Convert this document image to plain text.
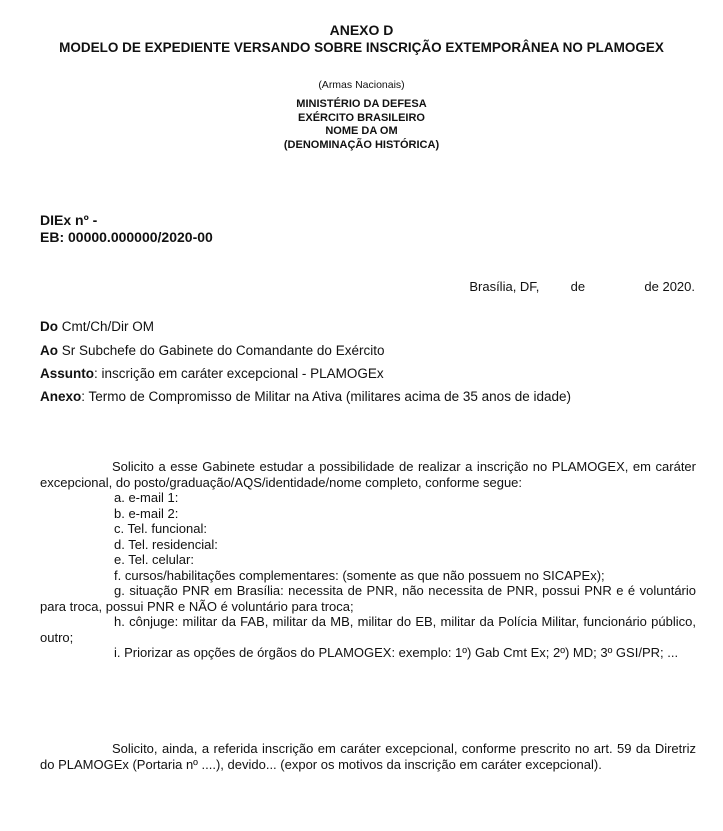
ANEXO D
MODELO DE EXPEDIENTE VERSANDO SOBRE INSCRIÇÃO EXTEMPORÂNEA NO PLAMOGEX
(Armas Nacionais)
MINISTÉRIO DA DEFESA
EXÉRCITO BRASILEIRO
NOME DA OM
(DENOMINAÇÃO HISTÓRICA)
DIEx nº -
EB: 00000.000000/2020-00
Brasília, DF, de	de 2020.
Do Cmt/Ch/Dir OM
Ao Sr Subchefe do Gabinete do Comandante do Exército
Assunto: inscrição em caráter excepcional - PLAMOGEx
Anexo: Termo de Compromisso de Militar na Ativa (militares acima de 35 anos de idade)
Solicito a esse Gabinete estudar a possibilidade de realizar a inscrição no PLAMOGEX, em caráter excepcional, do posto/graduação/AQS/identidade/nome completo, conforme segue:
a. e-mail 1:
b. e-mail 2:
c. Tel. funcional:
d. Tel. residencial:
e. Tel. celular:
f. cursos/habilitações complementares: (somente as que não possuem no SICAPEx);
g. situação PNR em Brasília: necessita de PNR, não necessita de PNR, possui PNR e é voluntário para troca, possui PNR e NÃO é voluntário para troca;
h. cônjuge: militar da FAB, militar da MB, militar do EB, militar da Polícia Militar, funcionário público, outro;
i. Priorizar as opções de órgãos do PLAMOGEX: exemplo: 1º) Gab Cmt Ex; 2º) MD; 3º GSI/PR; ...
Solicito, ainda, a referida inscrição em caráter excepcional, conforme prescrito no art. 59 da Diretriz do PLAMOGEx (Portaria nº ....), devido... (expor os motivos da inscrição em caráter excepcional).
